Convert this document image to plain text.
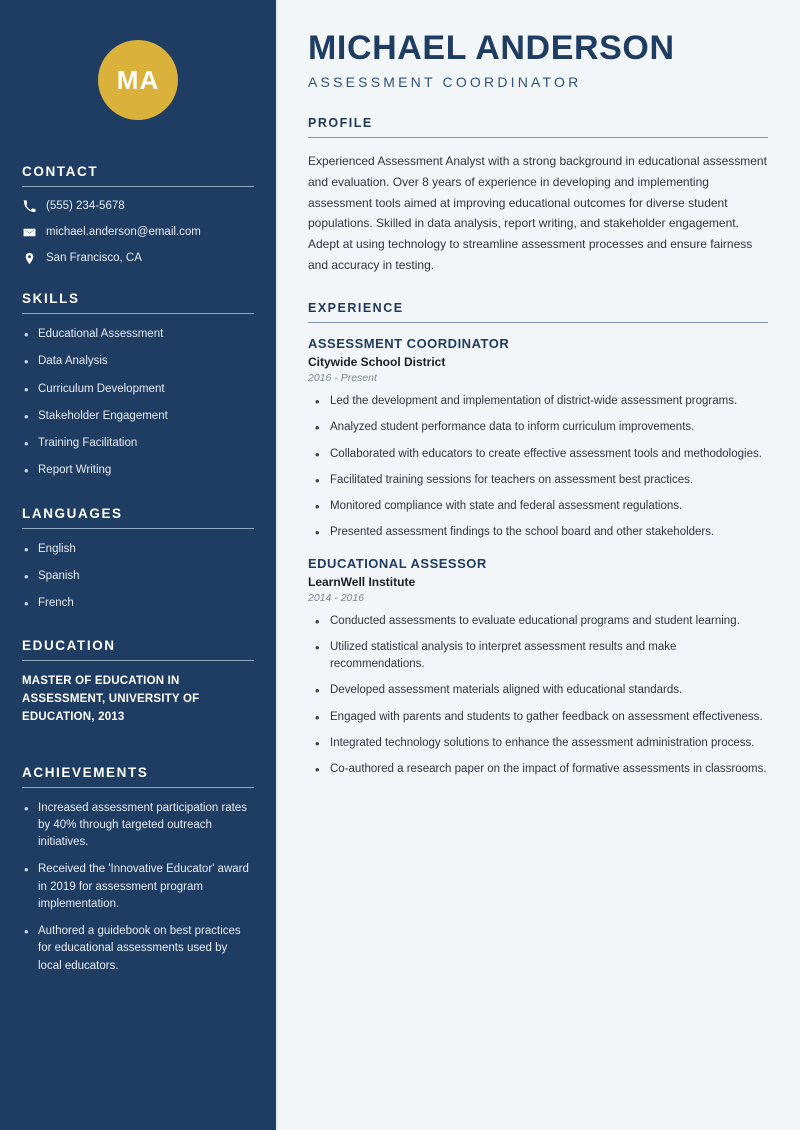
MA
CONTACT
(555) 234-5678
michael.anderson@email.com
San Francisco, CA
SKILLS
• Educational Assessment
• Data Analysis
• Curriculum Development
• Stakeholder Engagement
• Training Facilitation
• Report Writing
LANGUAGES
• English
• Spanish
• French
EDUCATION
MASTER OF EDUCATION IN ASSESSMENT, UNIVERSITY OF EDUCATION, 2013
ACHIEVEMENTS
• Increased assessment participation rates by 40% through targeted outreach initiatives.
• Received the 'Innovative Educator' award in 2019 for assessment program implementation.
• Authored a guidebook on best practices for educational assessments used by local educators.
MICHAEL ANDERSON
ASSESSMENT COORDINATOR
PROFILE

Experienced Assessment Analyst with a strong background in educational assessment and evaluation. Over 8 years of experience in developing and implementing assessment tools aimed at improving educational outcomes for diverse student populations. Skilled in data analysis, report writing, and stakeholder engagement. Adept at using technology to streamline assessment processes and ensure fairness and accuracy in testing.

EXPERIENCE
ASSESSMENT COORDINATOR
Citywide School District
2016 - Present
• Led the development and implementation of district-wide assessment programs.
• Analyzed student performance data to inform curriculum improvements.
• Collaborated with educators to create effective assessment tools and methodologies.
• Facilitated training sessions for teachers on assessment best practices.
• Monitored compliance with state and federal assessment regulations.
• Presented assessment findings to the school board and other stakeholders.
EDUCATIONAL ASSESSOR
LearnWell Institute
2014 - 2016
• Conducted assessments to evaluate educational programs and student learning.
• Utilized statistical analysis to interpret assessment results and make recommendations.
• Developed assessment materials aligned with educational standards.
• Engaged with parents and students to gather feedback on assessment effectiveness.
• Integrated technology solutions to enhance the assessment administration process.
• Co-authored a research paper on the impact of formative assessments in classrooms.
